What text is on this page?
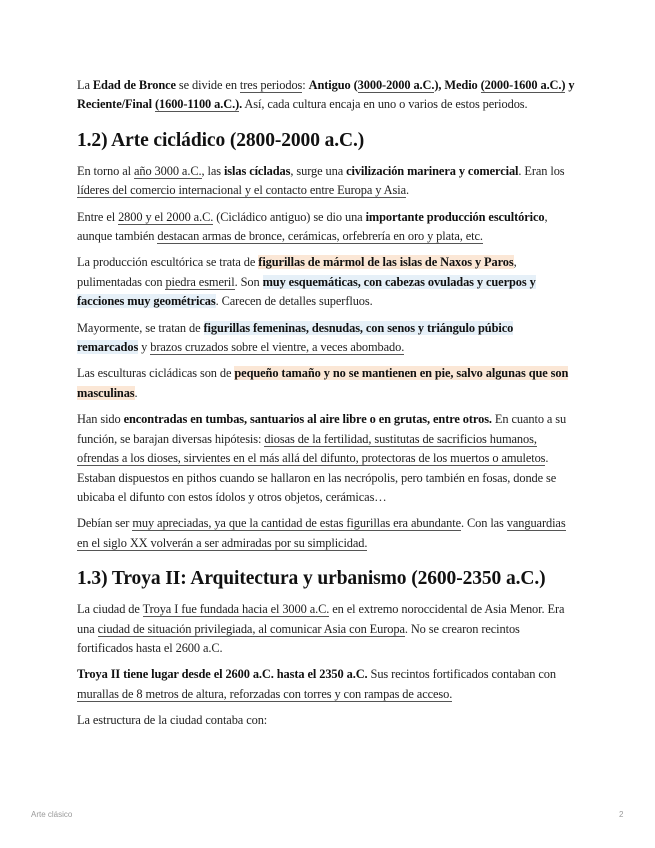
La Edad de Bronce se divide en tres periodos: Antiguo (3000-2000 a.C.), Medio (2000-1600 a.C.) y Reciente/Final (1600-1100 a.C.). Así, cada cultura encaja en uno o varios de estos periodos.

1.2) Arte cicládico (2800-2000 a.C.)

En torno al año 3000 a.C., las islas cícladas, surge una civilización marinera y comercial. Eran los líderes del comercio internacional y el contacto entre Europa y Asia.

Entre el 2800 y el 2000 a.C. (Cicládico antiguo) se dio una importante producción escultórico, aunque también destacan armas de bronce, cerámicas, orfebrería en oro y plata, etc.

La producción escultórica se trata de figurillas de mármol de las islas de Naxos y Paros, pulimentadas con piedra esmeril. Son muy esquemáticas, con cabezas ovuladas y cuerpos y facciones muy geométricas. Carecen de detalles superfluos.

Mayormente, se tratan de figurillas femeninas, desnudas, con senos y triángulo púbico remarcados y brazos cruzados sobre el vientre, a veces abombado.

Las esculturas cicládicas son de pequeño tamaño y no se mantienen en pie, salvo algunas que son masculinas.

Han sido encontradas en tumbas, santuarios al aire libre o en grutas, entre otros. En cuanto a su función, se barajan diversas hipótesis: diosas de la fertilidad, sustitutas de sacrificios humanos, ofrendas a los dioses, sirvientes en el más allá del difunto, protectoras de los muertos o amuletos. Estaban dispuestos en pithos cuando se hallaron en las necrópolis, pero también en fosas, donde se ubicaba el difunto con estos ídolos y otros objetos, cerámicas…

Debían ser muy apreciadas, ya que la cantidad de estas figurillas era abundante. Con las vanguardias en el siglo XX volverán a ser admiradas por su simplicidad.

1.3) Troya II: Arquitectura y urbanismo (2600-2350 a.C.)

La ciudad de Troya I fue fundada hacia el 3000 a.C. en el extremo noroccidental de Asia Menor. Era una ciudad de situación privilegiada, al comunicar Asia con Europa. No se crearon recintos fortificados hasta el 2600 a.C.

Troya II tiene lugar desde el 2600 a.C. hasta el 2350 a.C. Sus recintos fortificados contaban con murallas de 8 metros de altura, reforzadas con torres y con rampas de acceso.

La estructura de la ciudad contaba con:

Arte clásico	2
